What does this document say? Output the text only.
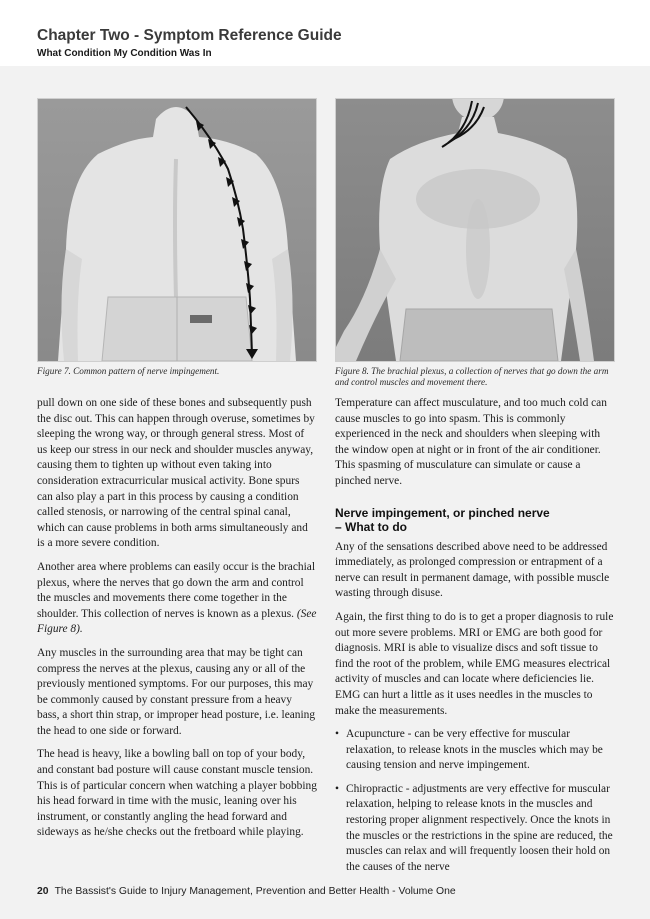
Chapter Two - Symptom Reference Guide
What Condition My Condition Was In
Figure 7. Common pattern of nerve impingement.	Figure 8. The brachial plexus, a collection of nerves that go down the arm and control muscles and movement there.

pull down on one side of these bones and subsequently push the disc out. This can happen through overuse, sometimes by sleeping the wrong way, or through general stress. Most of us keep our stress in our neck and shoulder muscles anyway, causing them to tighten up without even taking into consideration extracurricular musical activity. Bone spurs can also play a part in this process by causing a condition called stenosis, or narrowing of the central spinal canal, which can cause problems in both arms simultaneously and is a more severe condition.

Another area where problems can easily occur is the brachial plexus, where the nerves that go down the arm and control the muscles and movements there come together in the shoulder. This collection of nerves is known as a plexus. (See Figure 8).

Any muscles in the surrounding area that may be tight can compress the nerves at the plexus, causing any or all of the previously mentioned symptoms. For our purposes, this may be commonly caused by constant pressure from a heavy bass, a short thin strap, or improper head posture, i.e. leaning the head to one side or forward.

The head is heavy, like a bowling ball on top of your body, and constant bad posture will cause constant muscle tension. This is of particular concern when watching a player bobbing his head forward in time with the music, leaning over his instrument, or constantly angling the head forward and sideways as he/she checks out the fretboard while playing.

Temperature can affect musculature, and too much cold can cause muscles to go into spasm. This is commonly experienced in the neck and shoulders when sleeping with the window open at night or in front of the air conditioner. This spasming of musculature can simulate or cause a pinched nerve.

Nerve impingement, or pinched nerve
– What to do

Any of the sensations described above need to be addressed immediately, as prolonged compression or entrapment of a nerve can result in permanent damage, with possible muscle wasting through disuse.

Again, the first thing to do is to get a proper diagnosis to rule out more severe problems. MRI or EMG are both good for diagnosis. MRI is able to visualize discs and soft tissue to find the root of the problem, while EMG measures electrical activity of muscles and can locate where deficiencies lie. EMG can hurt a little as it uses needles in the muscles to make the measurements.

• Acupuncture - can be very effective for muscular relaxation, to release knots in the muscles which may be causing tension and nerve impingement.
• Chiropractic - adjustments are very effective for muscular relaxation, helping to release knots in the muscles and restoring proper alignment respectively. Once the knots in the muscles or the restrictions in the spine are reduced, the muscles can relax and will frequently loosen their hold on the causes of the nerve
20 The Bassist's Guide to Injury Management, Prevention and Better Health - Volume One
